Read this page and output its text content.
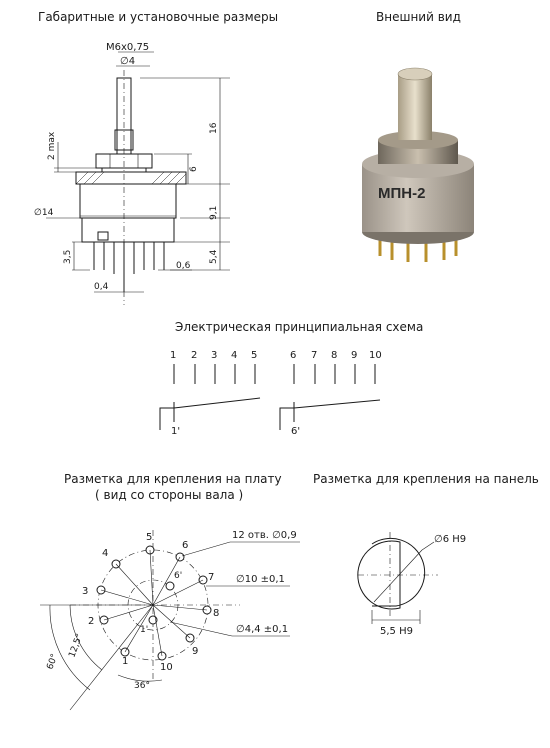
Габаритные и установочные размеры	Внешний вид
Электрическая принципиальная схема
Разметка для крепления на плату
( вид со стороны вала )
Разметка для крепления на панель
М6х0,75
∅4
16
6
9,1
5,4
2 max
∅14
3,5
0,6
0,4
МПН-2
1 2 3 4 5
1'
6 7 8 9 10
6'
1
2
3
4
5
6
7
8
9
10
1'
6'
12 отв. ∅0,9
∅10 ±0,1
∅4,4 ±0,1
60°
12,5°
36°
∅6 H9
5,5 H9
